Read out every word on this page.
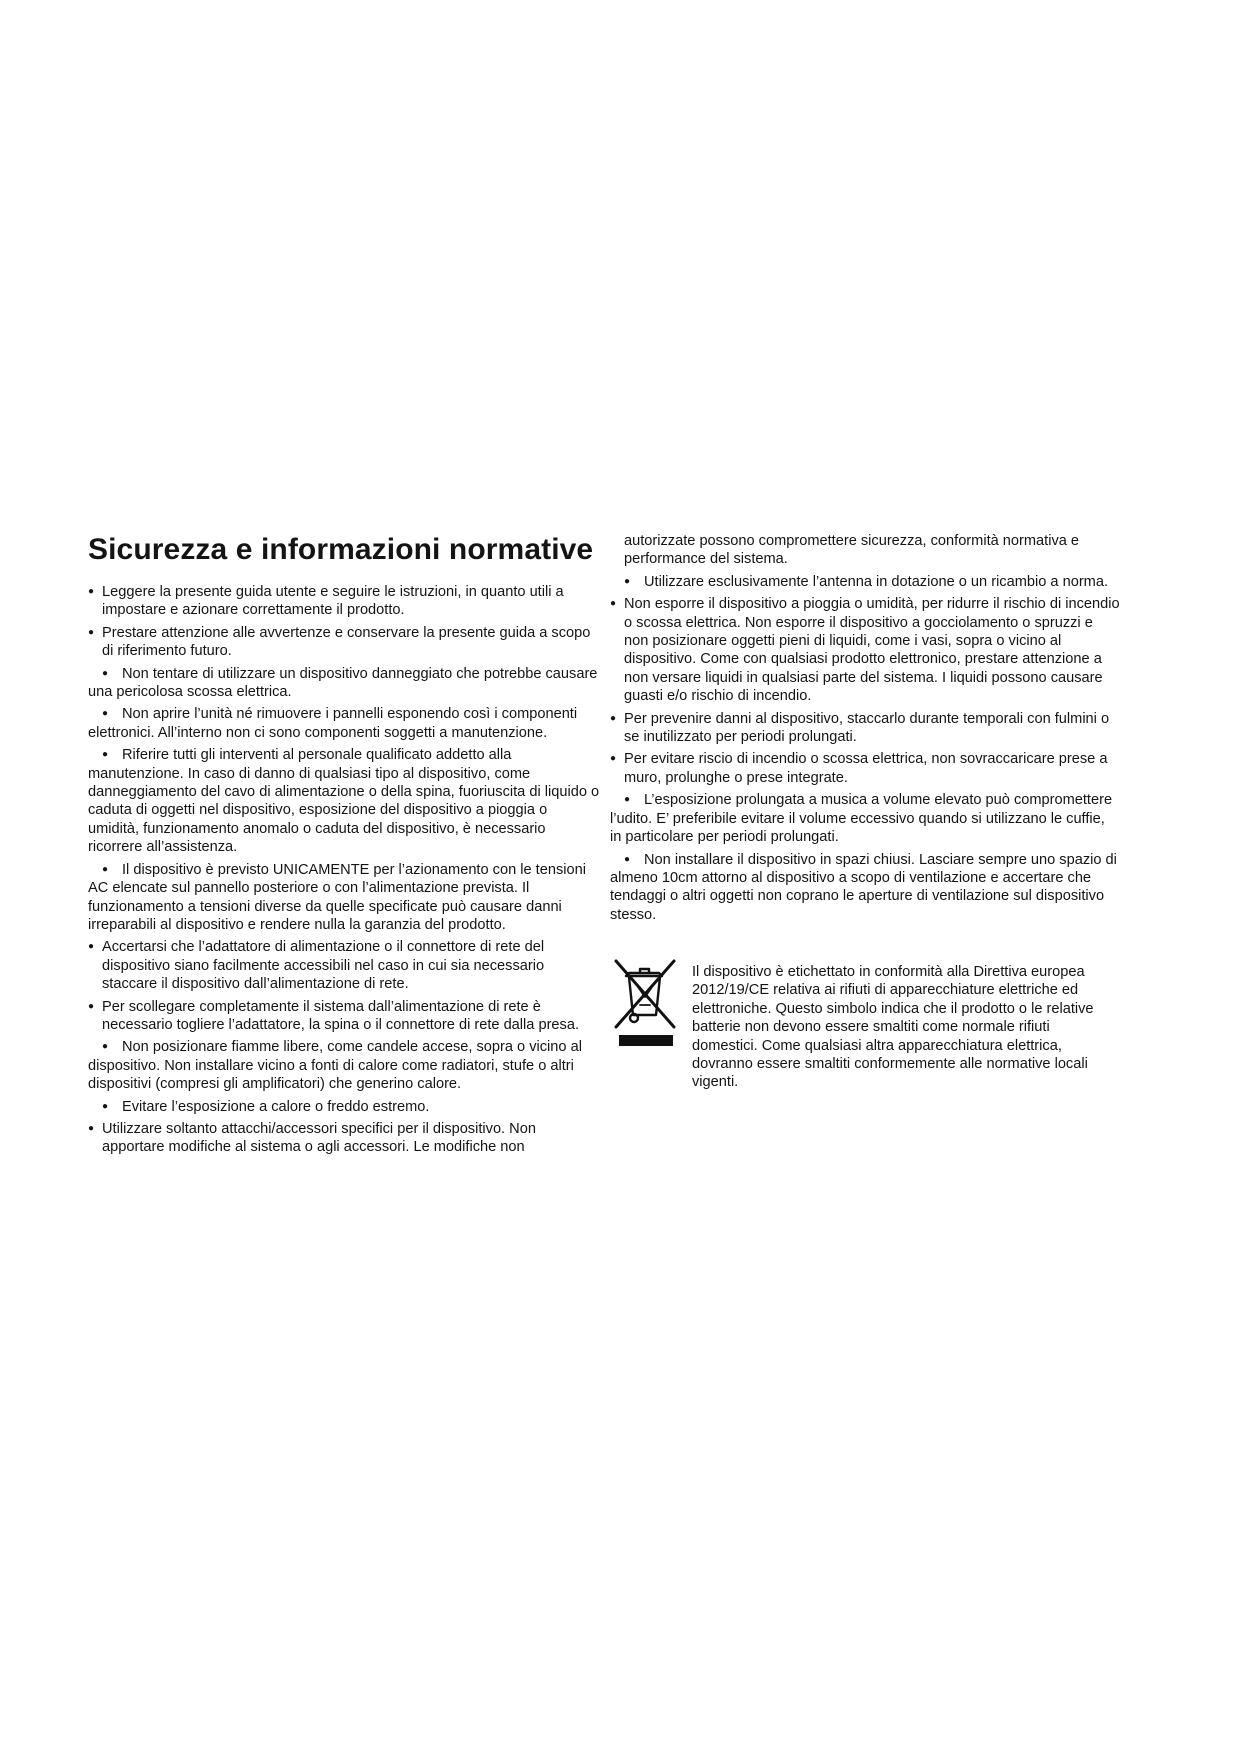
Sicurezza e informazioni normative

● Leggere la presente guida utente e seguire le istruzioni, in quanto utili a impostare e azionare correttamente il prodotto.

● Prestare attenzione alle avvertenze e conservare la presente guida a scopo di riferimento futuro.

● Non tentare di utilizzare un dispositivo danneggiato che potrebbe causare una pericolosa scossa elettrica.

● Non aprire l’unità né rimuovere i pannelli esponendo così i componenti elettronici. All’interno non ci sono componenti soggetti a manutenzione.

● Riferire tutti gli interventi al personale qualificato addetto alla manutenzione. In caso di danno di qualsiasi tipo al dispositivo, come danneggiamento del cavo di alimentazione o della spina, fuoriuscita di liquido o caduta di oggetti nel dispositivo, esposizione del dispositivo a pioggia o umidità, funzionamento anomalo o caduta del dispositivo, è necessario ricorrere all’assistenza.

● Il dispositivo è previsto UNICAMENTE per l’azionamento con le tensioni AC elencate sul pannello posteriore o con l’alimentazione prevista. Il funzionamento a tensioni diverse da quelle specificate può causare danni irreparabili al dispositivo e rendere nulla la garanzia del prodotto.

● Accertarsi che l’adattatore di alimentazione o il connettore di rete del dispositivo siano facilmente accessibili nel caso in cui sia necessario staccare il dispositivo dall’alimentazione di rete.

● Per scollegare completamente il sistema dall’alimentazione di rete è necessario togliere l’adattatore, la spina o il connettore di rete dalla presa.

● Non posizionare fiamme libere, come candele accese, sopra o vicino al dispositivo. Non installare vicino a fonti di calore come radiatori, stufe o altri dispositivi (compresi gli amplificatori) che generino calore.

● Evitare l’esposizione a calore o freddo estremo.

● Utilizzare soltanto attacchi/accessori specifici per il dispositivo. Non apportare modifiche al sistema o agli accessori. Le modifiche non

autorizzate possono compromettere sicurezza, conformità normativa e performance del sistema.

● Utilizzare esclusivamente l’antenna in dotazione o un ricambio a norma.

● Non esporre il dispositivo a pioggia o umidità, per ridurre il rischio di incendio o scossa elettrica. Non esporre il dispositivo a gocciolamento o spruzzi e non posizionare oggetti pieni di liquidi, come i vasi, sopra o vicino al dispositivo. Come con qualsiasi prodotto elettronico, prestare attenzione a non versare liquidi in qualsiasi parte del sistema. I liquidi possono causare guasti e/o rischio di incendio.

● Per prevenire danni al dispositivo, staccarlo durante temporali con fulmini o se inutilizzato per periodi prolungati.

● Per evitare riscio di incendio o scossa elettrica, non sovraccaricare prese a muro, prolunghe o prese integrate.

● L’esposizione prolungata a musica a volume elevato può compromettere l’udito. E’ preferibile evitare il volume eccessivo quando si utilizzano le cuffie, in particolare per periodi prolungati.

● Non installare il dispositivo in spazi chiusi. Lasciare sempre uno spazio di almeno 10cm attorno al dispositivo a scopo di ventilazione e accertare che tendaggi o altri oggetti non coprano le aperture di ventilazione sul dispositivo stesso.

Il dispositivo è etichettato in conformità alla Direttiva europea 2012/19/CE relativa ai rifiuti di apparecchiature elettriche ed elettroniche. Questo simbolo indica che il prodotto o le relative batterie non devono essere smaltiti come normale rifiuti domestici. Come qualsiasi altra apparecchiatura elettrica, dovranno essere smaltiti conformemente alle normative locali vigenti.
